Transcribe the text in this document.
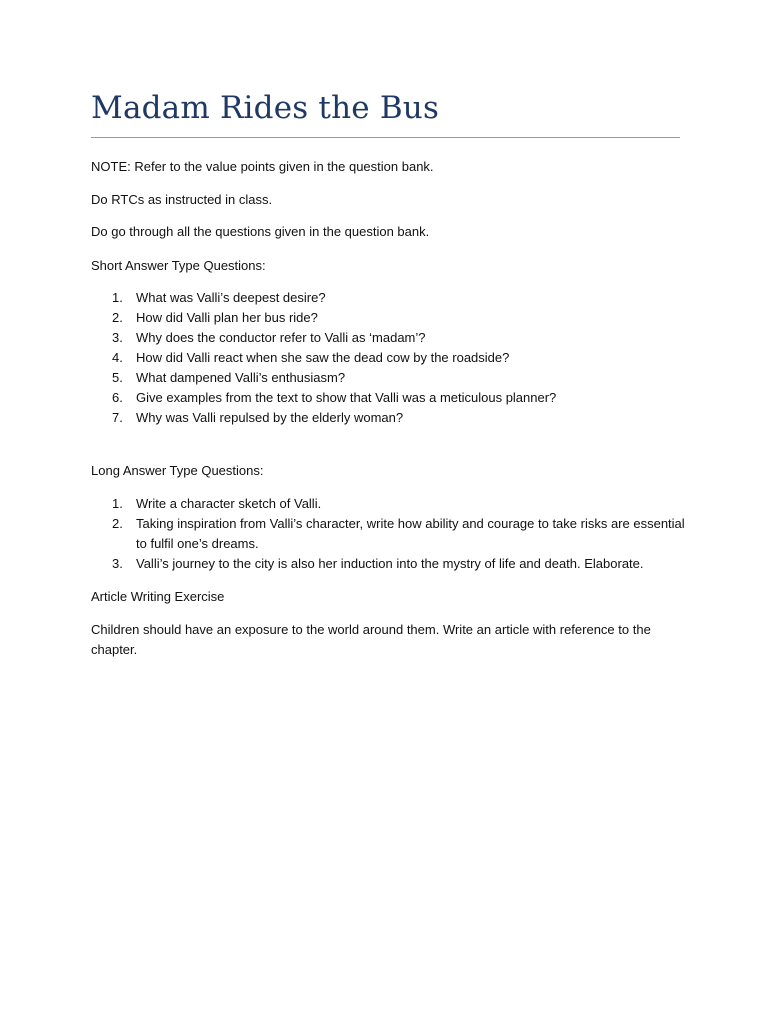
Madam Rides the Bus

NOTE: Refer to the value points given in the question bank.

Do RTCs as instructed in class.

Do go through all the questions given in the question bank.

Short Answer Type Questions:

1. What was Valli’s deepest desire?
2. How did Valli plan her bus ride?
3. Why does the conductor refer to Valli as ‘madam’?
4. How did Valli react when she saw the dead cow by the roadside?
5. What dampened Valli’s enthusiasm?
6. Give examples from the text to show that Valli was a meticulous planner?
7. Why was Valli repulsed by the elderly woman?

Long Answer Type Questions:

1. Write a character sketch of Valli.
2. Taking inspiration from Valli’s character, write how ability and courage to take risks are essential to fulfil one’s dreams.
3. Valli’s journey to the city is also her induction into the mystry of life and death. Elaborate.

Article Writing Exercise

Children should have an exposure to the world around them. Write an article with reference to the chapter.
